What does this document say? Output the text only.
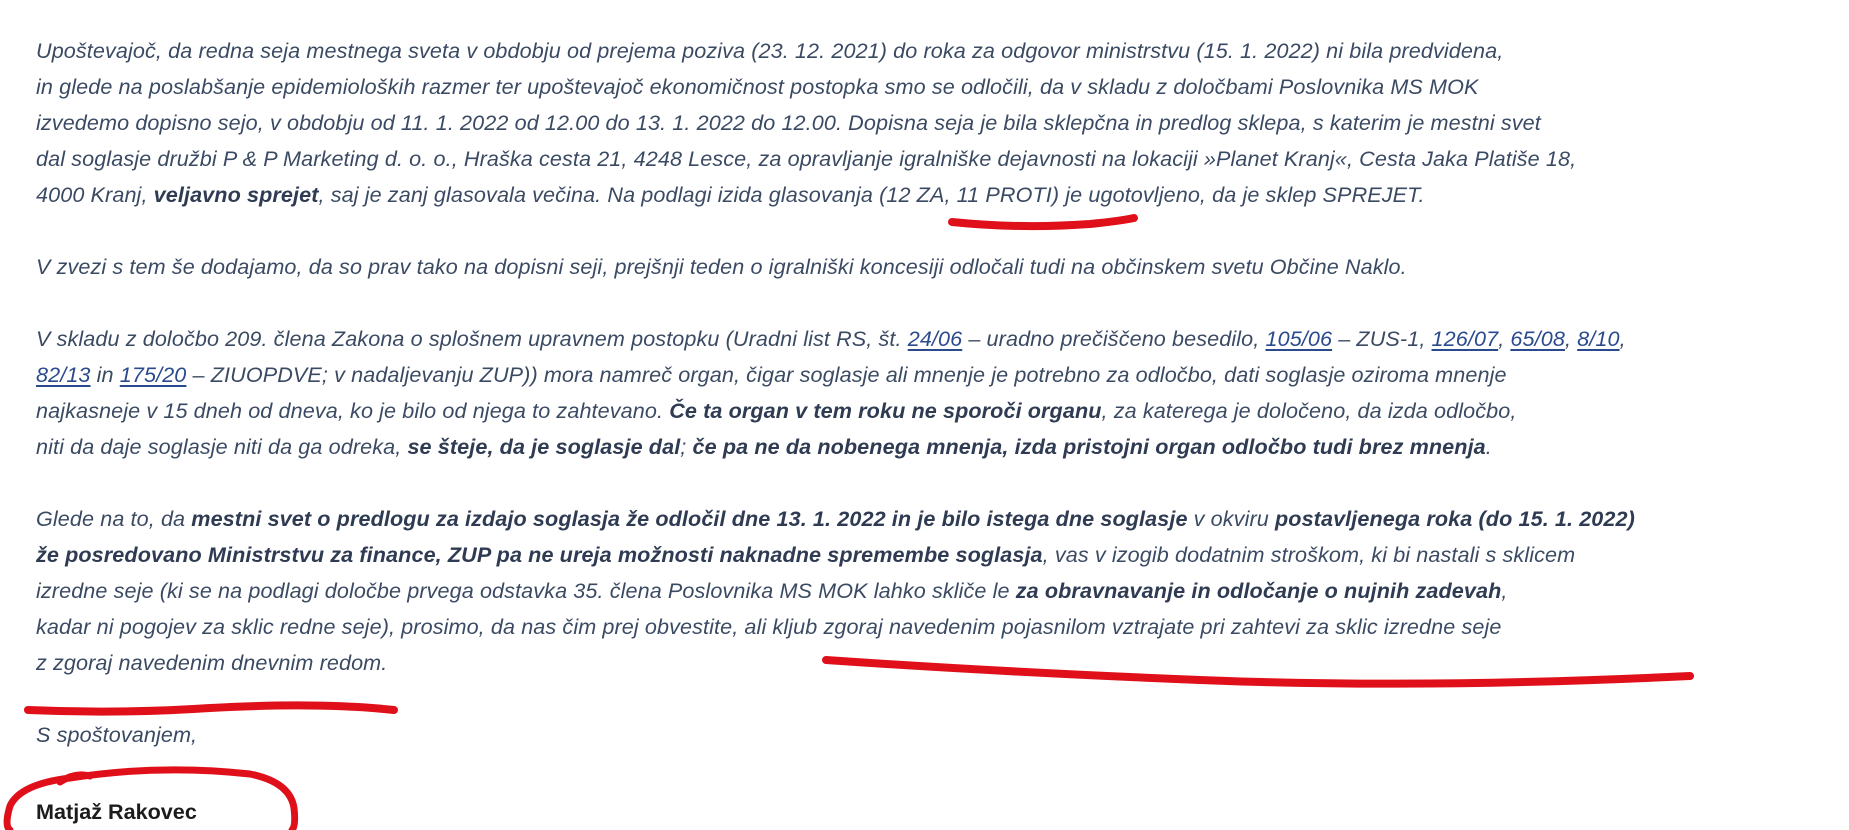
Upoštevajoč, da redna seja mestnega sveta v obdobju od prejema poziva (23. 12. 2021) do roka za odgovor ministrstvu (15. 1. 2022) ni bila predvidena,
in glede na poslabšanje epidemioloških razmer ter upoštevajoč ekonomičnost postopka smo se odločili, da v skladu z določbami Poslovnika MS MOK
izvedemo dopisno sejo, v obdobju od 11. 1. 2022 od 12.00 do 13. 1. 2022 do 12.00. Dopisna seja je bila sklepčna in predlog sklepa, s katerim je mestni svet
dal soglasje družbi P & P Marketing d. o. o., Hraška cesta 21, 4248 Lesce, za opravljanje igralniške dejavnosti na lokaciji »Planet Kranj«, Cesta Jaka Platiše 18,
4000 Kranj, veljavno sprejet, saj je zanj glasovala večina. Na podlagi izida glasovanja (12 ZA, 11 PROTI) je ugotovljeno, da je sklep SPREJET.
V zvezi s tem še dodajamo, da so prav tako na dopisni seji, prejšnji teden o igralniški koncesiji odločali tudi na občinskem svetu Občine Naklo.
V skladu z določbo 209. člena Zakona o splošnem upravnem postopku (Uradni list RS, št. 24/06 – uradno prečiščeno besedilo, 105/06 – ZUS-1, 126/07, 65/08, 8/10,
82/13 in 175/20 – ZIUOPDVE; v nadaljevanju ZUP)) mora namreč organ, čigar soglasje ali mnenje je potrebno za odločbo, dati soglasje oziroma mnenje
najkasneje v 15 dneh od dneva, ko je bilo od njega to zahtevano. Če ta organ v tem roku ne sporoči organu, za katerega je določeno, da izda odločbo,
niti da daje soglasje niti da ga odreka, se šteje, da je soglasje dal; če pa ne da nobenega mnenja, izda pristojni organ odločbo tudi brez mnenja.
Glede na to, da mestni svet o predlogu za izdajo soglasja že odločil dne 13. 1. 2022 in je bilo istega dne soglasje v okviru postavljenega roka (do 15. 1. 2022)
že posredovano Ministrstvu za finance, ZUP pa ne ureja možnosti naknadne spremembe soglasja, vas v izogib dodatnim stroškom, ki bi nastali s sklicem
izredne seje (ki se na podlagi določbe prvega odstavka 35. člena Poslovnika MS MOK lahko skliče le za obravnavanje in odločanje o nujnih zadevah,
kadar ni pogojev za sklic redne seje), prosimo, da nas čim prej obvestite, ali kljub zgoraj navedenim pojasnilom vztrajate pri zahtevi za sklic izredne seje
z zgoraj navedenim dnevnim redom.
S spoštovanjem,
Matjaž Rakovec
